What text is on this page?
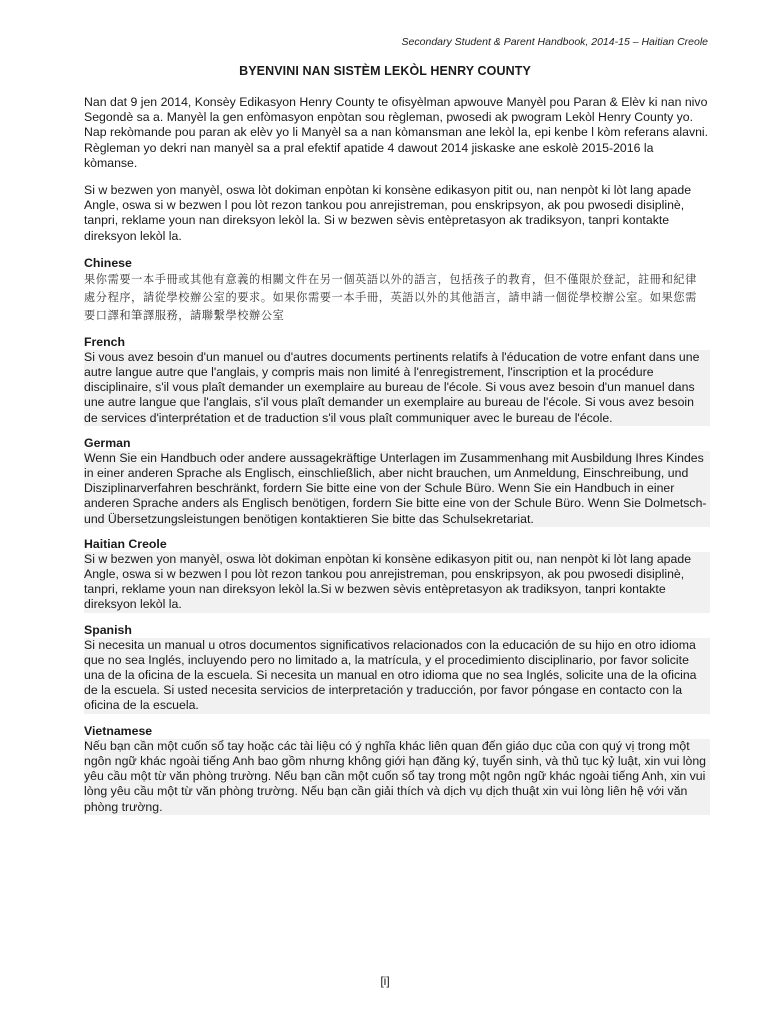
Secondary Student & Parent Handbook, 2014-15 – Haitian Creole
BYENVINI NAN SISTÈM LEKÒL HENRY COUNTY

Nan dat 9 jen 2014, Konsèy Edikasyon Henry County te ofisyèlman apwouve Manyèl pou Paran & Elèv ki nan nivo Segondè sa a. Manyèl la gen enfòmasyon enpòtan sou règleman, pwosedi ak pwogram Lekòl Henry County yo. Nap rekòmande pou paran ak elèv yo li Manyèl sa a nan kòmansman ane lekòl la, epi kenbe l kòm referans alavni. Règleman yo dekri nan manyèl sa a pral efektif apatide 4 dawout 2014 jiskaske ane eskolè 2015-2016 la kòmanse.

Si w bezwen yon manyèl, oswa lòt dokiman enpòtan ki konsène edikasyon pitit ou, nan nenpòt ki lòt lang apade Angle, oswa si w bezwen l pou lòt rezon tankou pou anrejistreman, pou enskripsyon, ak pou pwosedi disiplinè, tanpri, reklame youn nan direksyon lekòl la. Si w bezwen sèvis entèpretasyon ak tradiksyon, tanpri kontakte direksyon lekòl la.

Chinese

果你需要一本手冊或其他有意義的相關文件在另一個英語以外的語言，包括孩子的教育，但不僅限於登記，註冊和紀律處分程序，請從學校辦公室的要求。如果你需要一本手冊，英語以外的其他語言，請申請一個從學校辦公室。如果您需要口譯和筆譯服務，請聯繫學校辦公室

French

Si vous avez besoin d'un manuel ou d'autres documents pertinents relatifs à l'éducation de votre enfant dans une autre langue autre que l'anglais, y compris mais non limité à l'enregistrement, l'inscription et la procédure disciplinaire, s'il vous plaît demander un exemplaire au bureau de l'école. Si vous avez besoin d'un manuel dans une autre langue que l'anglais, s'il vous plaît demander un exemplaire au bureau de l'école. Si vous avez besoin de services d'interprétation et de traduction s'il vous plaît communiquer avec le bureau de l'école.

German

Wenn Sie ein Handbuch oder andere aussagekräftige Unterlagen im Zusammenhang mit Ausbildung Ihres Kindes in einer anderen Sprache als Englisch, einschließlich, aber nicht brauchen, um Anmeldung, Einschreibung, und Disziplinarverfahren beschränkt, fordern Sie bitte eine von der Schule Büro. Wenn Sie ein Handbuch in einer anderen Sprache anders als Englisch benötigen, fordern Sie bitte eine von der Schule Büro. Wenn Sie Dolmetsch-und Übersetzungsleistungen benötigen kontaktieren Sie bitte das Schulsekretariat.

Haitian Creole

Si w bezwen yon manyèl, oswa lòt dokiman enpòtan ki konsène edikasyon pitit ou, nan nenpòt ki lòt lang apade Angle, oswa si w bezwen l pou lòt rezon tankou pou anrejistreman, pou enskripsyon, ak pou pwosedi disiplinè, tanpri, reklame youn nan direksyon lekòl la.Si w bezwen sèvis entèpretasyon ak tradiksyon, tanpri kontakte direksyon lekòl la.

Spanish

Si necesita un manual u otros documentos significativos relacionados con la educación de su hijo en otro idioma que no sea Inglés, incluyendo pero no limitado a, la matrícula, y el procedimiento disciplinario, por favor solicite una de la oficina de la escuela. Si necesita un manual en otro idioma que no sea Inglés, solicite una de la oficina de la escuela. Si usted necesita servicios de interpretación y traducción, por favor póngase en contacto con la oficina de la escuela.

Vietnamese

Nếu bạn cần một cuốn sổ tay hoặc các tài liệu có ý nghĩa khác liên quan đến giáo dục của con quý vị trong một ngôn ngữ khác ngoài tiếng Anh bao gồm nhưng không giới hạn đăng ký, tuyển sinh, và thủ tục kỷ luật, xin vui lòng yêu cầu một từ văn phòng trường. Nếu bạn cần một cuốn sổ tay trong một ngôn ngữ khác ngoài tiếng Anh, xin vui lòng yêu cầu một từ văn phòng trường. Nếu bạn cần giải thích và dịch vụ dịch thuật xin vui lòng liên hệ với văn phòng trường.

[i]
